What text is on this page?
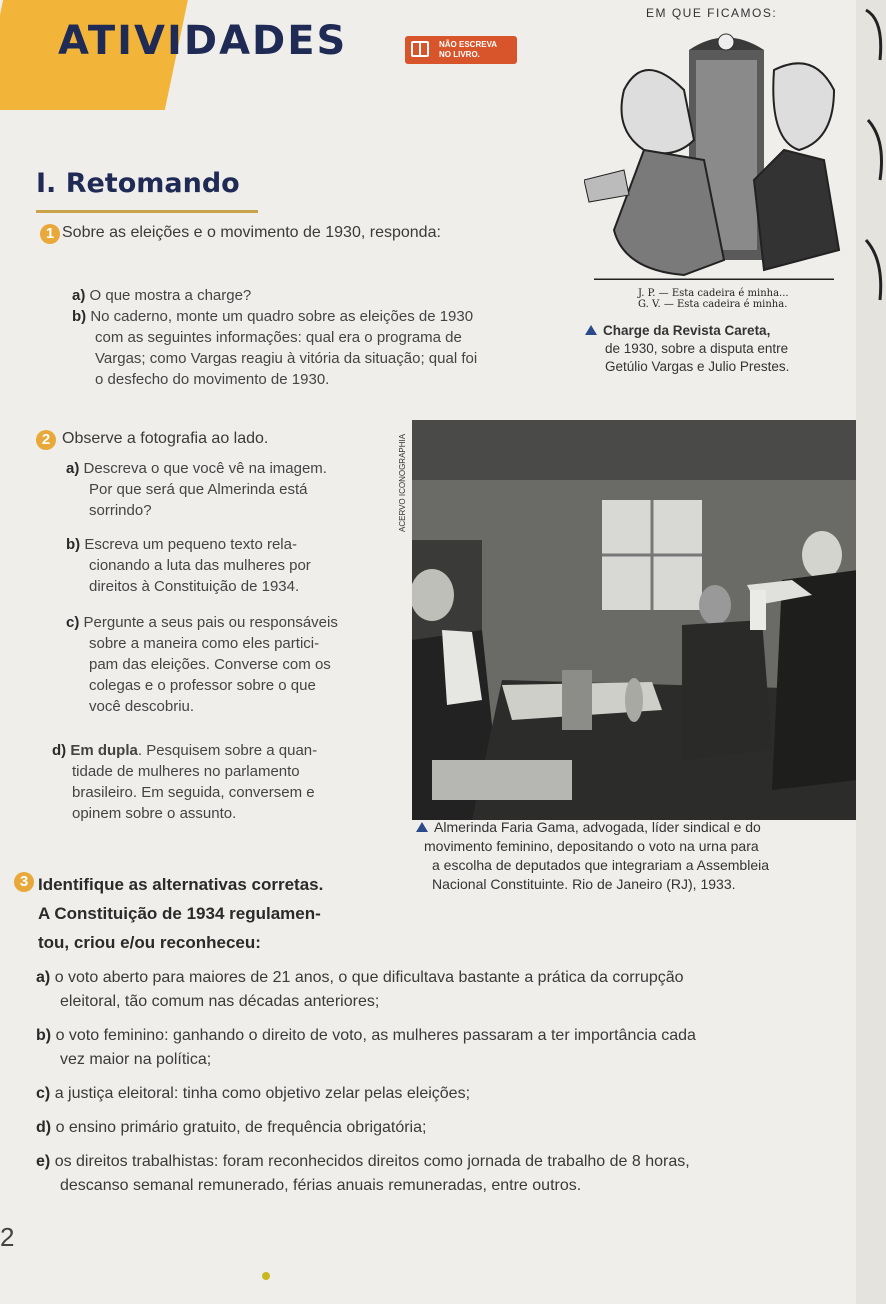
ATIVIDADES	NÃO ESCREVA
NO LIVRO.
EM QUE FICAMOS:
I. Retomando
1 Sobre as eleições e o movimento de 1930, responda:
a) O que mostra a charge?
b) No caderno, monte um quadro sobre as eleições de 1930
com as seguintes informações: qual era o programa de
Vargas; como Vargas reagiu à vitória da situação; qual foi
o desfecho do movimento de 1930.
J. P. — Esta cadeira é minha...
G. V. — Esta cadeira é minha.
Charge da Revista Careta,
de 1930, sobre a disputa entre
Getúlio Vargas e Julio Prestes.
2 Observe a fotografia ao lado.
a) Descreva o que você vê na imagem.
Por que será que Almerinda está
sorrindo?
b) Escreva um pequeno texto rela-
cionando a luta das mulheres por
direitos à Constituição de 1934.
c) Pergunte a seus pais ou responsáveis
sobre a maneira como eles partici-
pam das eleições. Converse com os
colegas e o professor sobre o que
você descobriu.
d) Em dupla. Pesquisem sobre a quan-
tidade de mulheres no parlamento
brasileiro. Em seguida, conversem e
opinem sobre o assunto.
ACERVO ICONOGRAPHIA
Almerinda Faria Gama, advogada, líder sindical e do
movimento feminino, depositando o voto na urna para
a escolha de deputados que integrariam a Assembleia
Nacional Constituinte. Rio de Janeiro (RJ), 1933.
3 Identifique as alternativas corretas.
A Constituição de 1934 regulamen-
tou, criou e/ou reconheceu:
a) o voto aberto para maiores de 21 anos, o que dificultava bastante a prática da corrupção
eleitoral, tão comum nas décadas anteriores;
b) o voto feminino: ganhando o direito de voto, as mulheres passaram a ter importância cada
vez maior na política;
c) a justiça eleitoral: tinha como objetivo zelar pelas eleições;
d) o ensino primário gratuito, de frequência obrigatória;
e) os direitos trabalhistas: foram reconhecidos direitos como jornada de trabalho de 8 horas,
descanso semanal remunerado, férias anuais remuneradas, entre outros.
2
